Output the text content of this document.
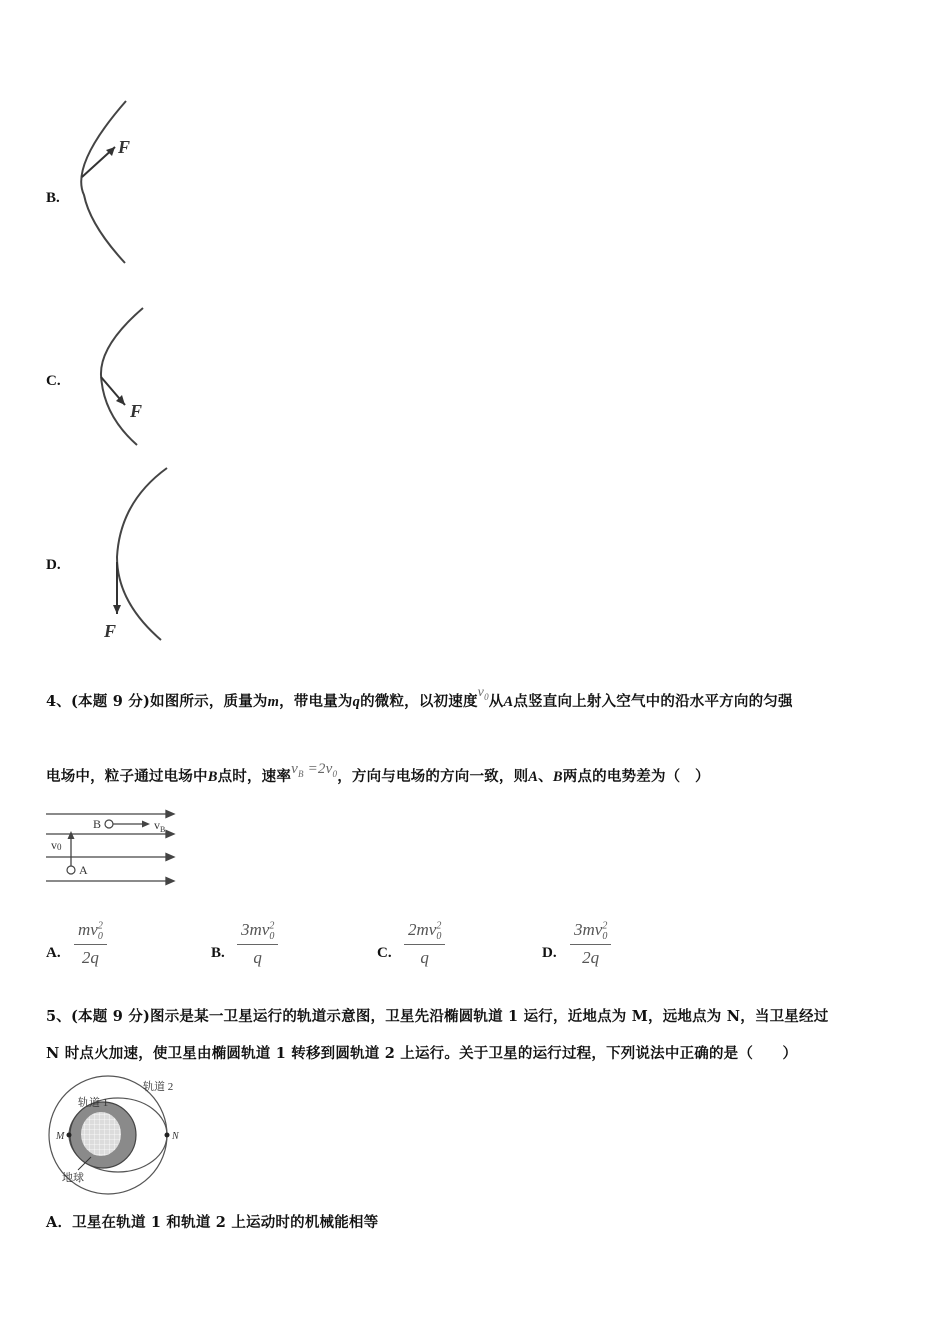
B.
F
C.
F
D.
F
4、(本题 9 分)如图所示，质量为m，带电量为q的微粒，以初速度$v_0$从A点竖直向上射入空气中的沿水平方向的匀强
电场中，粒子通过电场中B点时，速率$v_B =2v_0$，方向与电场的方向一致，则A、B两点的电势差为（　）
B	$v_B$
v0
A
A. $\frac{mv^2_0}{2q}$	B. $\frac{3mv^2_0}{q}$	C. $\frac{2mv^2_0}{q}$	D. $\frac{3mv^2_0}{2q}$
5、(本题 9 分)图示是某一卫星运行的轨道示意图，卫星先沿椭圆轨道 1 运行，近地点为 M，远地点为 N，当卫星经过
N 时点火加速，使卫星由椭圆轨道 1 转移到圆轨道 2 上运行。关于卫星的运行过程，下列说法中正确的是（　　）
M	N
轨道 2
轨道 1
地球
A．卫星在轨道 1 和轨道 2 上运动时的机械能相等
